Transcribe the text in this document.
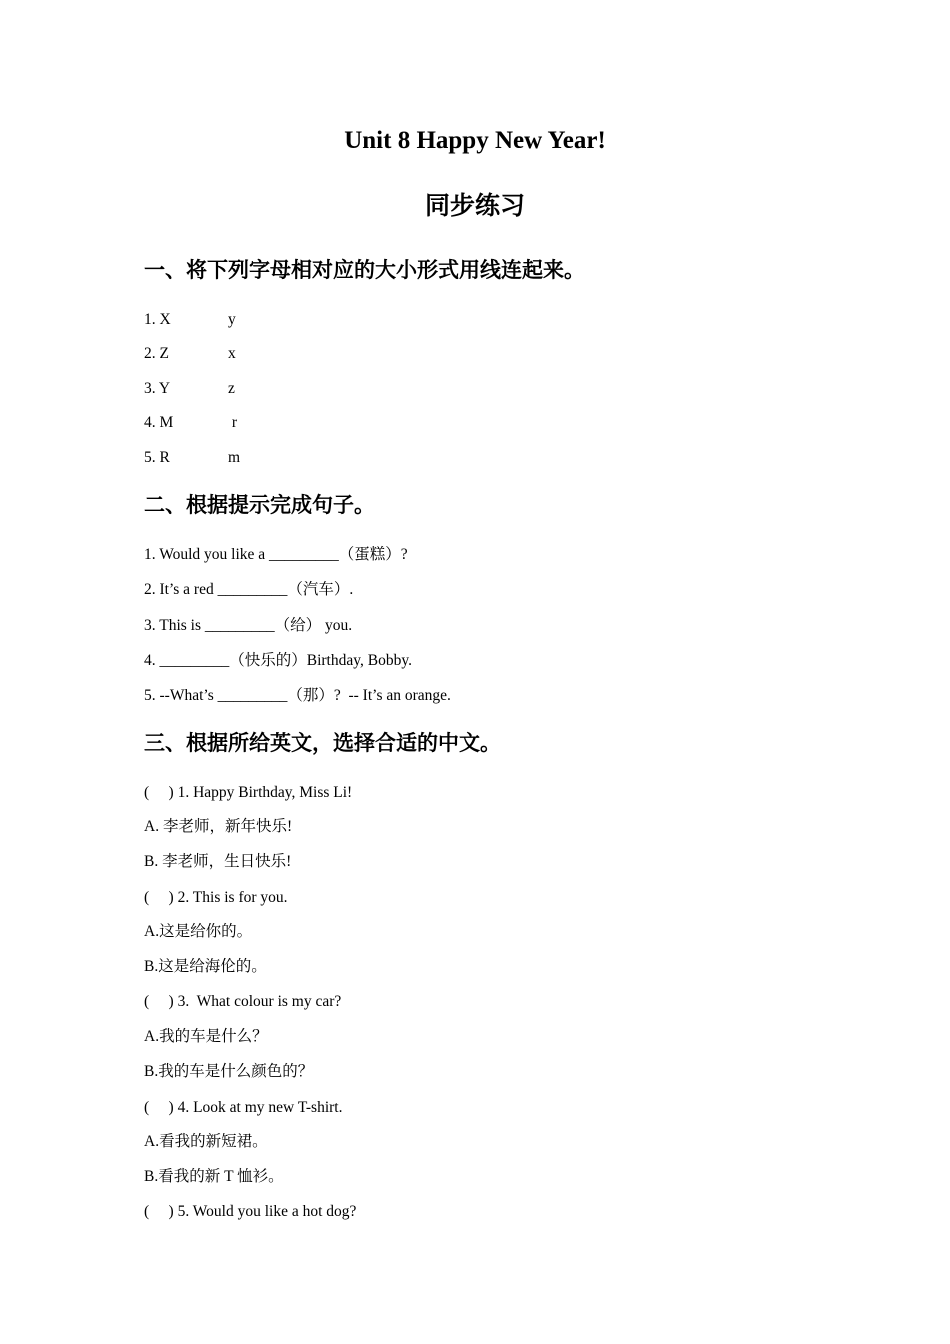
Unit 8 Happy New Year!
同步练习
一、将下列字母相对应的大小形式用线连起来。
1. X	y
2. Z	x
3. Y	z
4. M	r
5. R	m
二、根据提示完成句子。
1. Would you like a _________（蛋糕）?
2. It’s a red _________（汽车）.
3. This is _________（给） you.
4. _________（快乐的）Birthday, Bobby.
5. --What’s _________（那）?  -- It’s an orange.
三、根据所给英文，选择合适的中文。
(     ) 1. Happy Birthday, Miss Li!
A. 李老师，新年快乐!
B. 李老师，生日快乐!
(     ) 2. This is for you.
A.这是给你的。
B.这是给海伦的。
(     ) 3.  What colour is my car?
A.我的车是什么？
B.我的车是什么颜色的？
(     ) 4. Look at my new T-shirt.
A.看我的新短裙。
B.看我的新 T 恤衫。
(     ) 5. Would you like a hot dog?
